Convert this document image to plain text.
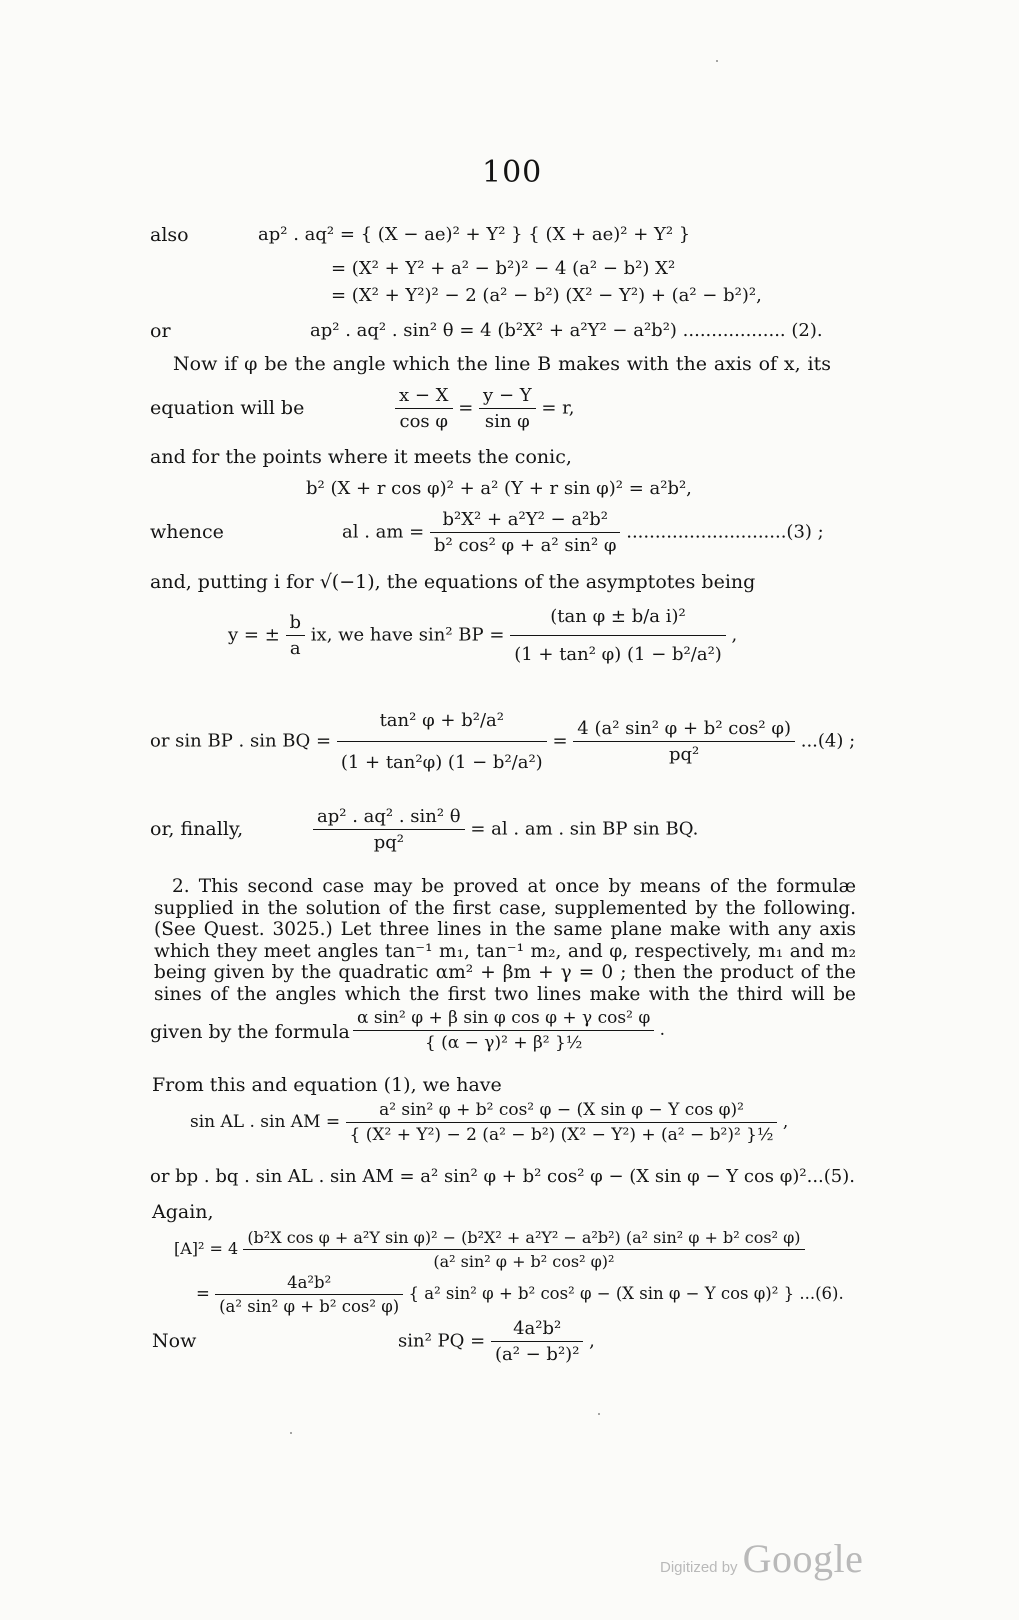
100
also	ap² . aq² = { (X − ae)² + Y² } { (X + ae)² + Y² }
= (X² + Y² + a² − b²)² − 4 (a² − b²) X²
= (X² + Y²)² − 2 (a² − b²) (X² − Y²) + (a² − b²)²,
or	ap² . aq² . sin² θ = 4 (b²X² + a²Y² − a²b²) .................. (2).
Now if φ be the angle which the line B makes with the axis of x, its
equation will be	$\frac{x - X}{\text{cos φ}} = \frac{y - Y}{\text{sin φ}} = r$,
and for the points where it meets the conic,
b² (X + r cos φ)² + a² (Y + r sin φ)² = a²b²,
whence	al . am = $\frac{\text{b²X² + a²Y² − a²b²}}{\text{b² cos² φ + a² sin² φ}} ............................(3)$ ;
and, putting i for √(−1), the equations of the asymptotes being
y = ± $\frac{b}{a}$ ix, we have sin² BP = $\frac{\text{(tan φ ± b/a i)²}}{\text{(1 + tan² φ) (1 − b²/a²)}}$ ,
or sin BP . sin BQ = $\frac{\text{tan² φ + b²/a²}}{\text{(1 + tan²φ) (1 − b²/a²)}} = \frac{\text{4 (a² sin² φ + b² cos² φ)}}{\text{pq²}} ...(4)$ ;
or, finally,	$\frac{\text{ap² . aq² . sin² θ}}{\text{pq²}}$ = al . am . sin BP sin BQ.
2. This second case may be proved at once by means of the formulæ
supplied in the solution of the first case, supplemented by the following.
(See Quest. 3025.) Let three lines in the same plane make with any axis
which they meet angles tan⁻¹ m₁, tan⁻¹ m₂, and φ, respectively, m₁ and m₂
being given by the quadratic αm² + βm + γ = 0 ; then the product of the
sines of the angles which the first two lines make with the third will be
given by the formula $\frac{\text{α sin² φ + β sin φ cos φ + γ cos² φ}}{\text{\{ (α − γ)² + β² \}½}}$ .
From this and equation (1), we have
sin AL . sin AM = $\frac{\text{a² sin² φ + b² cos² φ − (X sin φ − Y cos φ)²}}{\text{\{ (X² + Y²) − 2 (a² − b²) (X² − Y²) + (a² − b²)² \}½}}$ ,
or bp . bq . sin AL . sin AM = a² sin² φ + b² cos² φ − (X sin φ − Y cos φ)²...(5).
Again,
[A]² = 4
(b²X cos φ + a²Y sin φ)² − (b²X² + a²Y² − a²b²) (a² sin² φ + b² cos² φ)
(a² sin² φ + b² cos² φ)²
= $\frac{\text{4a²b²}}{\text{(a² sin² φ + b² cos² φ)}}$ { a² sin² φ + b² cos² φ − (X sin φ − Y cos φ)² } ...(6).
Now	sin² PQ = $\frac{\text{4a²b²}}{\text{(a² − b²)²}}$ ,
Digitized by Google
